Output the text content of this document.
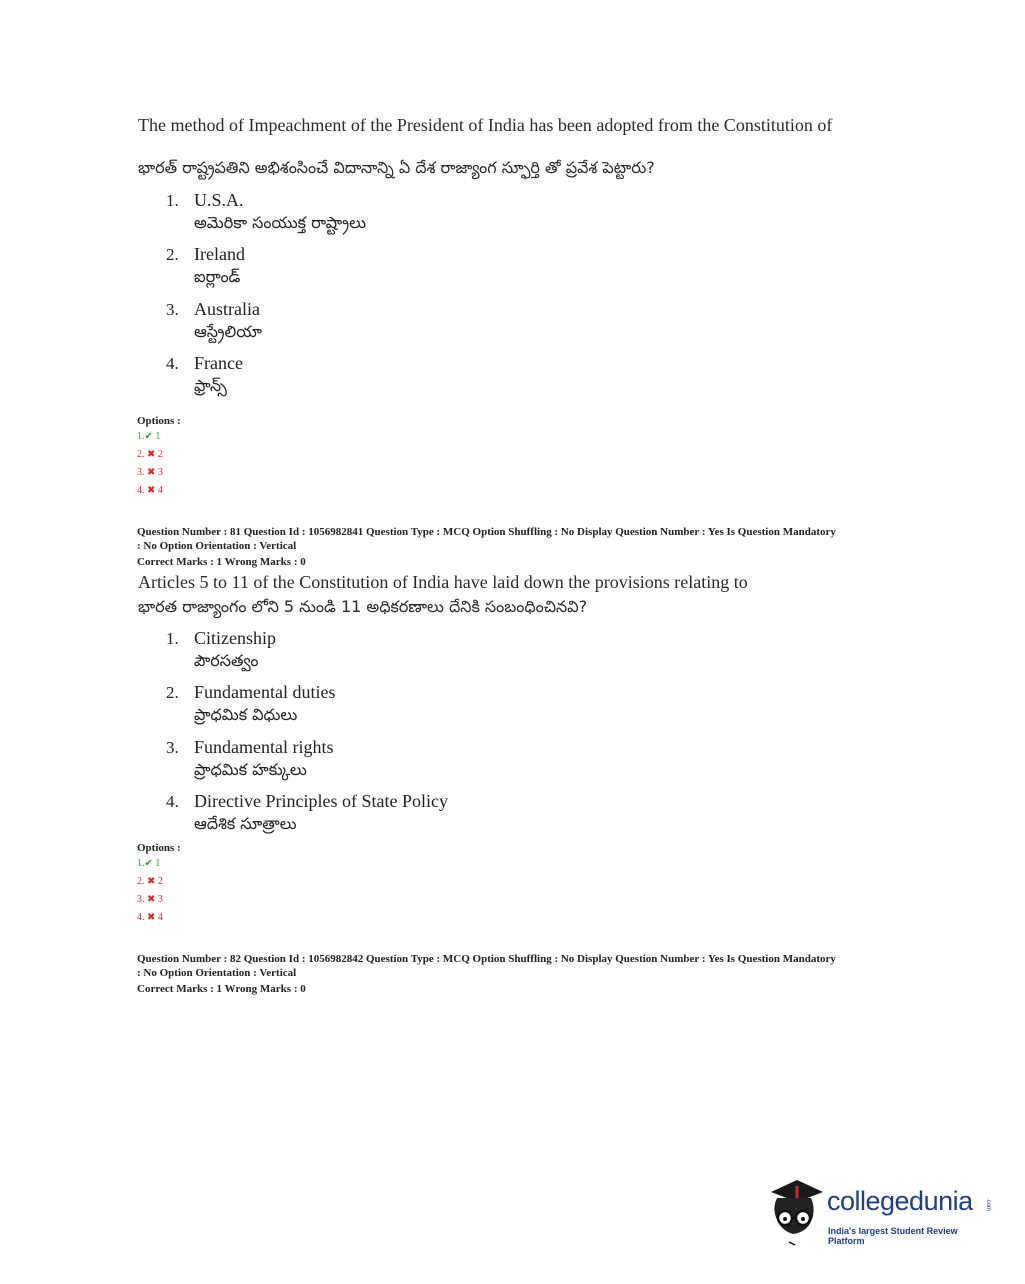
The method of Impeachment of the President of India has been adopted from the Constitution of
భారత్ రాష్ట్రపతిని అభిశంసించే విదానాన్ని ఏ దేశ రాజ్యాంగ స్ఫూర్తి తో ప్రవేశ పెట్టారు?
1. U.S.A.
అమెరికా సంయుక్త రాష్ట్రాలు
2. Ireland
ఐర్లాండ్
3. Australia
ఆస్ట్రేలియా
4. France
ఫ్రాన్స్
Options :
1.✔ 1
2. ✖ 2
3. ✖ 3
4. ✖ 4
Question Number : 81 Question Id : 1056982841 Question Type : MCQ Option Shuffling : No Display Question Number : Yes Is Question Mandatory
: No Option Orientation : Vertical
Correct Marks : 1 Wrong Marks : 0
Articles 5 to 11 of the Constitution of India have laid down the provisions relating to
భారత రాజ్యాంగం లోని 5 నుండి 11 అధికరణాలు దేనికి సంబంధించినవి?
1. Citizenship
పౌరసత్వం
2. Fundamental duties
ప్రాధమిక విధులు
3. Fundamental rights
ప్రాధమిక హక్కులు
4. Directive Principles of State Policy
ఆదేశిక సూత్రాలు
Options :
1.✔ 1
2. ✖ 2
3. ✖ 3
4. ✖ 4
Question Number : 82 Question Id : 1056982842 Question Type : MCQ Option Shuffling : No Display Question Number : Yes Is Question Mandatory
: No Option Orientation : Vertical
Correct Marks : 1 Wrong Marks : 0
collegedunia .com
India's largest Student Review Platform
